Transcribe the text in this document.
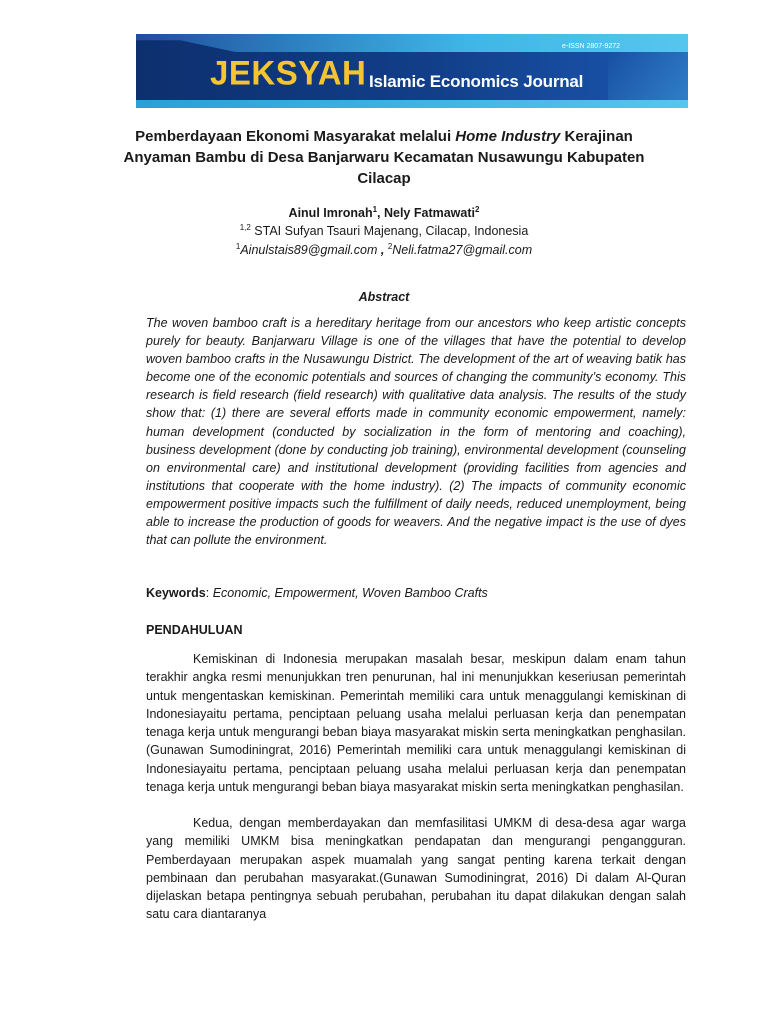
JEKSYAH Islamic Economics Journal
e-ISSN 2807-9272
Pemberdayaan Ekonomi Masyarakat melalui Home Industry Kerajinan Anyaman Bambu di Desa Banjarwaru Kecamatan Nusawungu Kabupaten Cilacap
Ainul Imronah$^1$, Nely Fatmawati$^2$
$^{1,2}$ STAI Sufyan Tsauri Majenang, Cilacap, Indonesia
$^1$Ainulstais89@gmail.com , $^2$Neli.fatma27@gmail.com
Abstract

The woven bamboo craft is a hereditary heritage from our ancestors who keep artistic concepts purely for beauty. Banjarwaru Village is one of the villages that have the potential to develop woven bamboo crafts in the Nusawungu District. The development of the art of weaving batik has become one of the economic potentials and sources of changing the community’s economy. This research is field research (field research) with qualitative data analysis. The results of the study show that: (1) there are several efforts made in community economic empowerment, namely: human development (conducted by socialization in the form of mentoring and coaching), business development (done by conducting job training), environmental development (counseling on environmental care) and institutional development (providing facilities from agencies and institutions that cooperate with the home industry). (2) The impacts of community economic empowerment positive impacts such the fulfillment of daily needs, reduced unemployment, being able to increase the production of goods for weavers. And the negative impact is the use of dyes that can pollute the environment.

Keywords: Economic, Empowerment, Woven Bamboo Crafts
PENDAHULUAN

Kemiskinan di Indonesia merupakan masalah besar, meskipun dalam enam tahun terakhir angka resmi menunjukkan tren penurunan, hal ini menunjukkan keseriusan pemerintah untuk mengentaskan kemiskinan. Pemerintah memiliki cara untuk menaggulangi kemiskinan di Indonesiayaitu pertama, penciptaan peluang usaha melalui perluasan kerja dan penempatan tenaga kerja untuk mengurangi beban biaya masyarakat miskin serta meningkatkan penghasilan.(Gunawan Sumodiningrat, 2016) Pemerintah memiliki cara untuk menaggulangi kemiskinan di Indonesiayaitu pertama, penciptaan peluang usaha melalui perluasan kerja dan penempatan tenaga kerja untuk mengurangi beban biaya masyarakat miskin serta meningkatkan penghasilan.

Kedua, dengan memberdayakan dan memfasilitasi UMKM di desa-desa agar warga yang memiliki UMKM bisa meningkatkan pendapatan dan mengurangi pengangguran. Pemberdayaan merupakan aspek muamalah yang sangat penting karena terkait dengan pembinaan dan perubahan masyarakat.(Gunawan Sumodiningrat, 2016) Di dalam Al-Quran dijelaskan betapa pentingnya sebuah perubahan, perubahan itu dapat dilakukan dengan salah satu cara diantaranya
